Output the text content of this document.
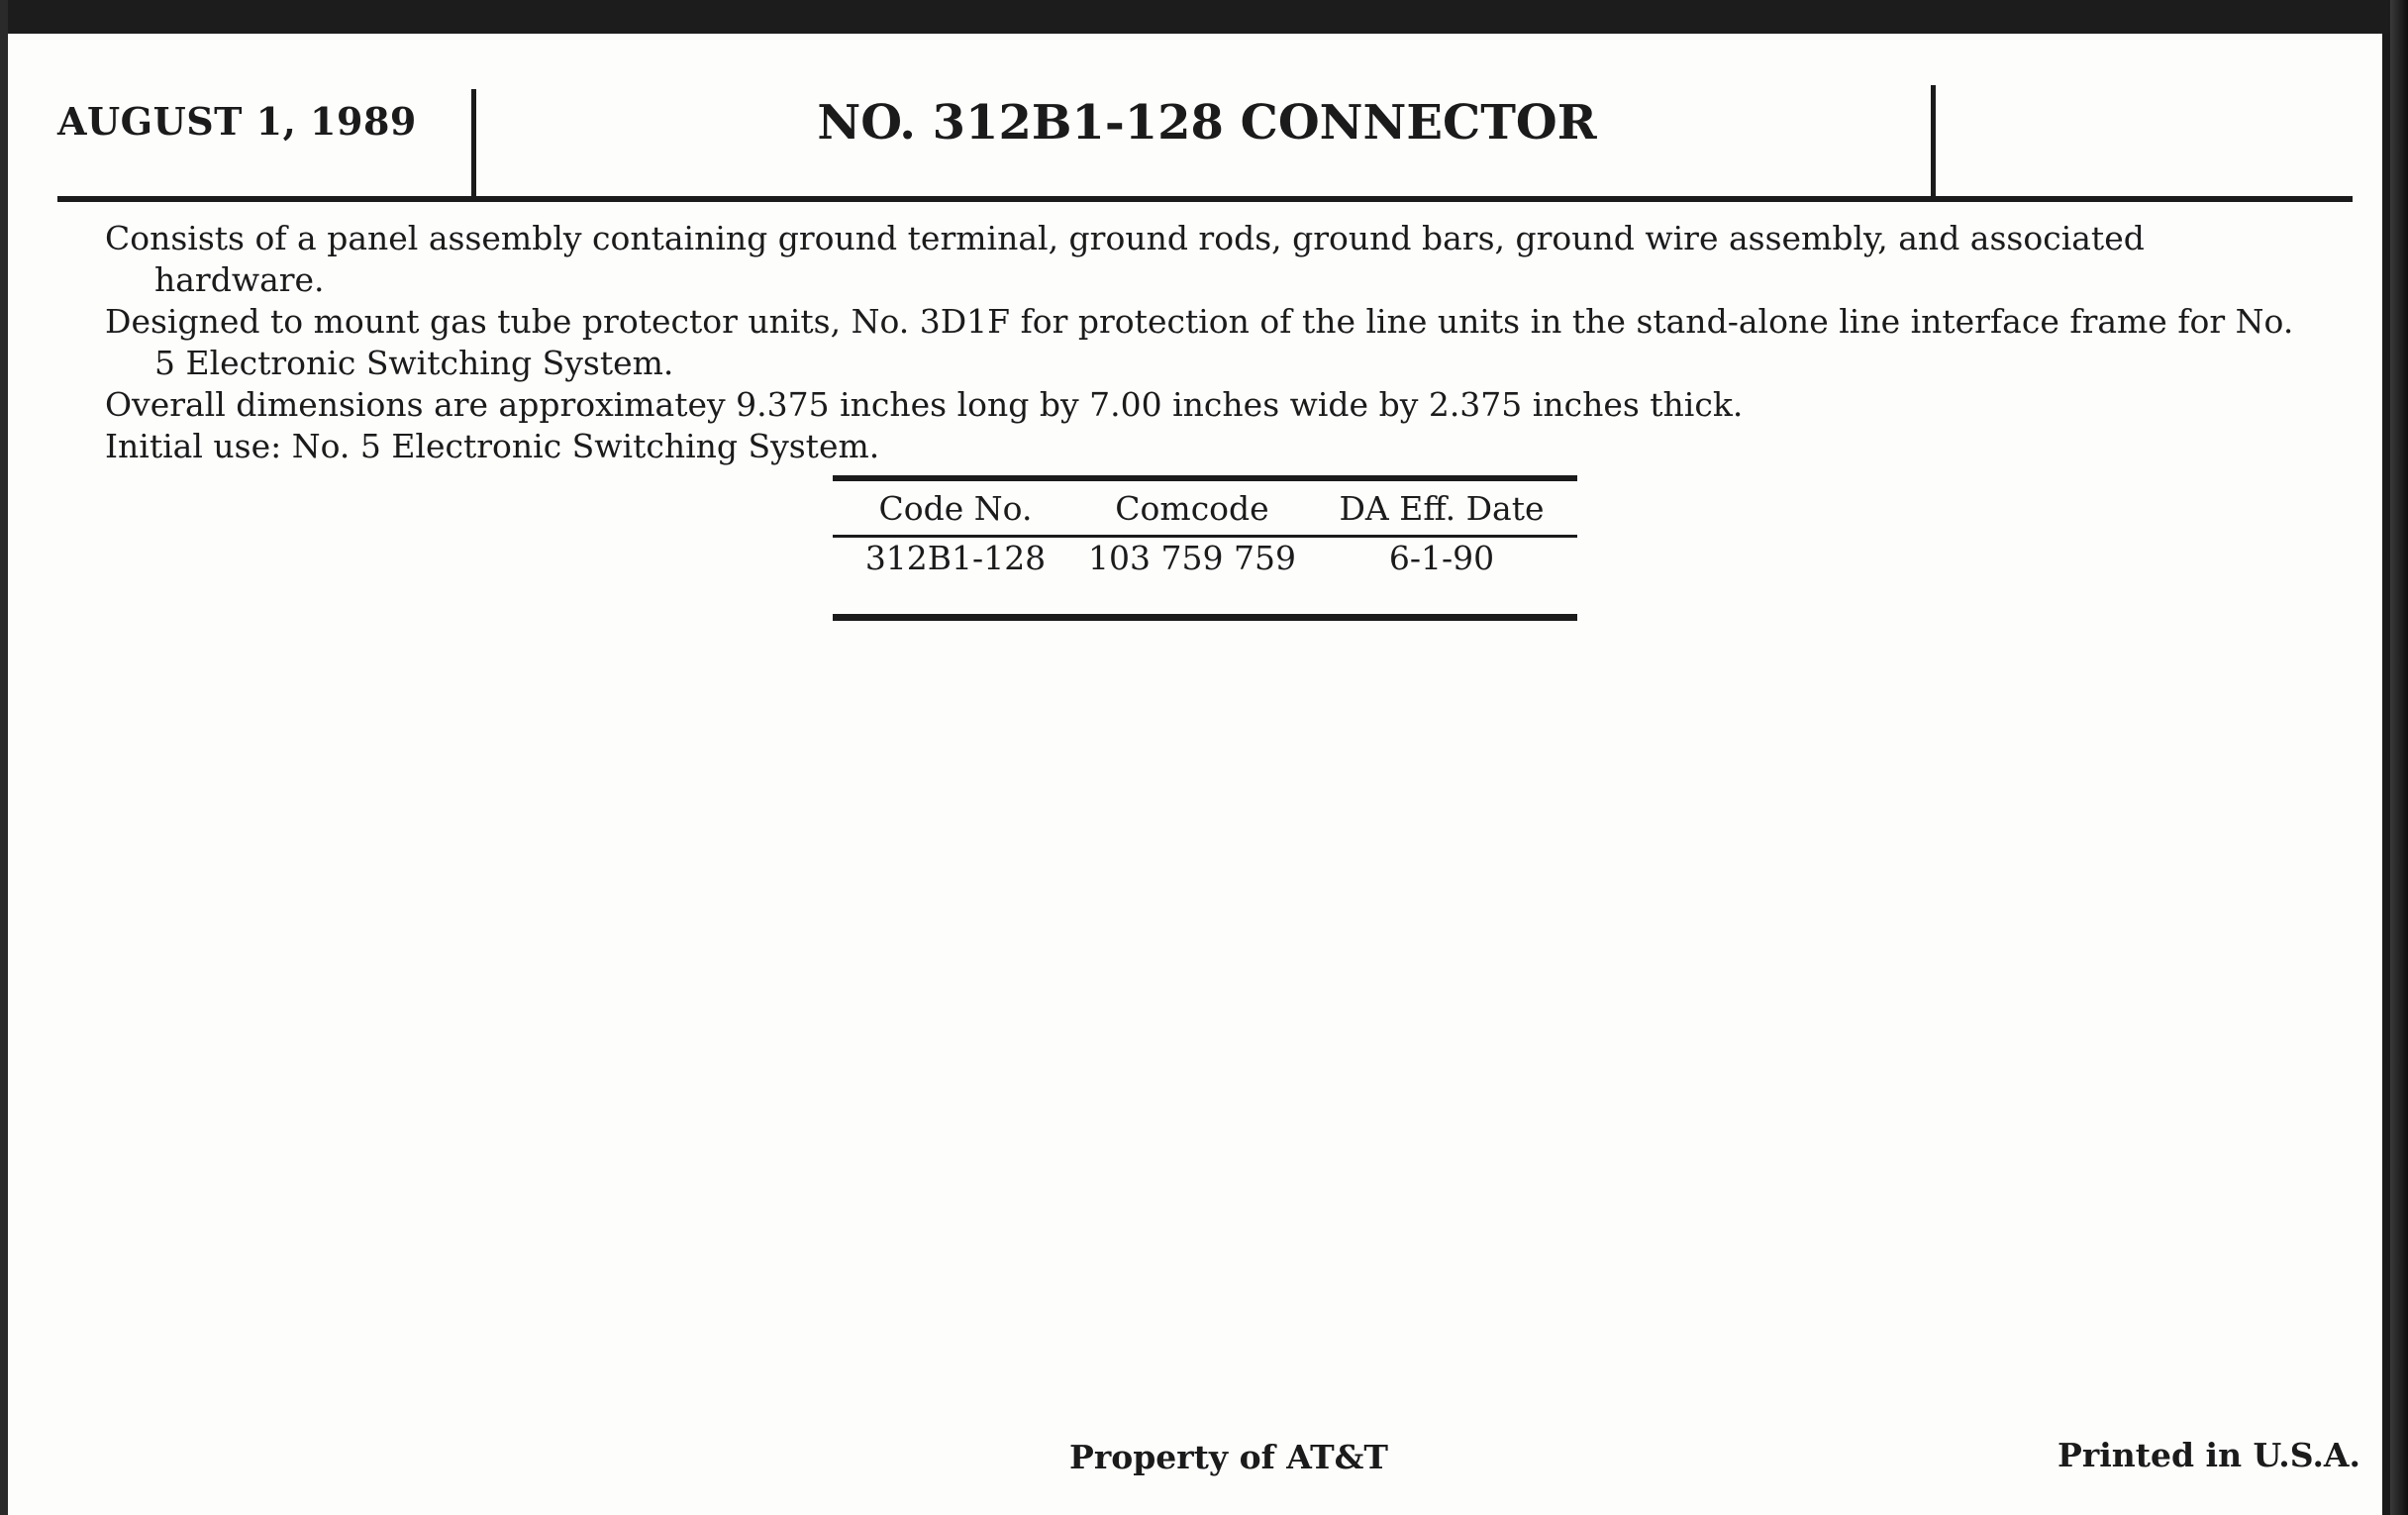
AUGUST 1, 1989	NO. 312B1-128 CONNECTOR

Consists of a panel assembly containing ground terminal, ground rods, ground bars, ground wire assembly, and associated hardware.

Designed to mount gas tube protector units, No. 3D1F for protection of the line units in the stand-alone line interface frame for No. 5 Electronic Switching System.

Overall dimensions are approximatey 9.375 inches long by 7.00 inches wide by 2.375 inches thick.

Initial use: No. 5 Electronic Switching System.

Code No.	Comcode	DA Eff. Date
312B1-128	103 759 759	6-1-90
Property of AT&T	Printed in U.S.A.
